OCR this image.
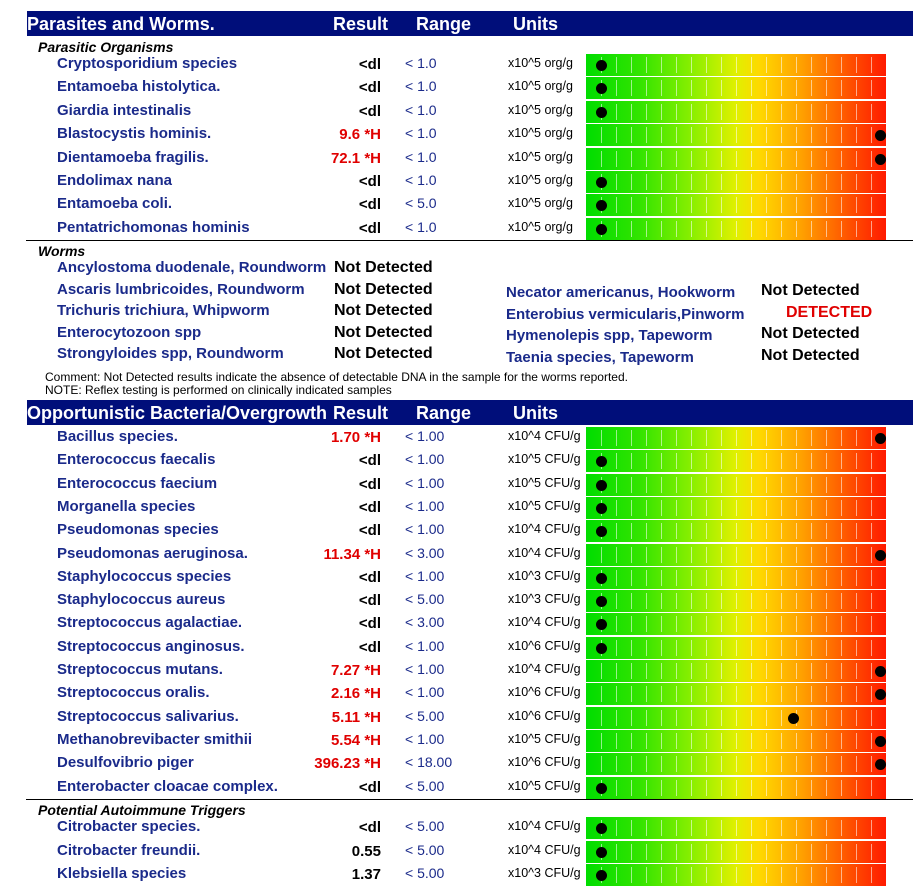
Parasites and Worms.	Result Range Units
Parasitic Organisms
Cryptosporidium species	<dl < 1.0	x10^5 org/g
Entamoeba histolytica.	<dl < 1.0	x10^5 org/g
Giardia intestinalis	<dl < 1.0	x10^5 org/g
Blastocystis hominis.	9.6 *H < 1.0	x10^5 org/g
Dientamoeba fragilis.	72.1 *H < 1.0	x10^5 org/g
Endolimax nana	<dl < 1.0	x10^5 org/g
Entamoeba coli.	<dl < 5.0	x10^5 org/g
Pentatrichomonas hominis	<dl < 1.0	x10^5 org/g
Worms
Ancylostoma duodenale, Roundworm Not Detected
Ascaris lumbricoides, Roundworm Not Detected
Trichuris trichiura, Whipworm	Not Detected
Enterocytozoon spp	Not Detected
Strongyloides spp, Roundworm	Not Detected
Necator americanus, Hookworm Not Detected
Enterobius vermicularis,Pinworm	DETECTED
Hymenolepis spp, Tapeworm	Not Detected
Taenia species, Tapeworm	Not Detected
Comment: Not Detected results indicate the absence of detectable DNA in the sample for the worms reported.
NOTE: Reflex testing is performed on clinically indicated samples
Opportunistic Bacteria/Overgrowth Result Range Units
Bacillus species.	1.70 *H < 1.00	x10^4 CFU/g
Enterococcus faecalis	<dl < 1.00	x10^5 CFU/g
Enterococcus faecium	<dl < 1.00	x10^5 CFU/g
Morganella species	<dl < 1.00	x10^5 CFU/g
Pseudomonas species	<dl < 1.00	x10^4 CFU/g
Pseudomonas aeruginosa.	11.34 *H < 3.00	x10^4 CFU/g
Staphylococcus species	<dl < 1.00	x10^3 CFU/g
Staphylococcus aureus	<dl < 5.00	x10^3 CFU/g
Streptococcus agalactiae.	<dl < 3.00	x10^4 CFU/g
Streptococcus anginosus.	<dl < 1.00	x10^6 CFU/g
Streptococcus mutans.	7.27 *H < 1.00	x10^4 CFU/g
Streptococcus oralis.	2.16 *H < 1.00	x10^6 CFU/g
Streptococcus salivarius.	5.11 *H < 5.00	x10^6 CFU/g
Methanobrevibacter smithii	5.54 *H < 1.00	x10^5 CFU/g
Desulfovibrio piger	396.23 *H < 18.00	x10^6 CFU/g
Enterobacter cloacae complex.	<dl < 5.00	x10^5 CFU/g
Potential Autoimmune Triggers
Citrobacter species.	<dl < 5.00	x10^4 CFU/g
Citrobacter freundii.	0.55 < 5.00	x10^4 CFU/g
Klebsiella species	1.37 < 5.00	x10^3 CFU/g
